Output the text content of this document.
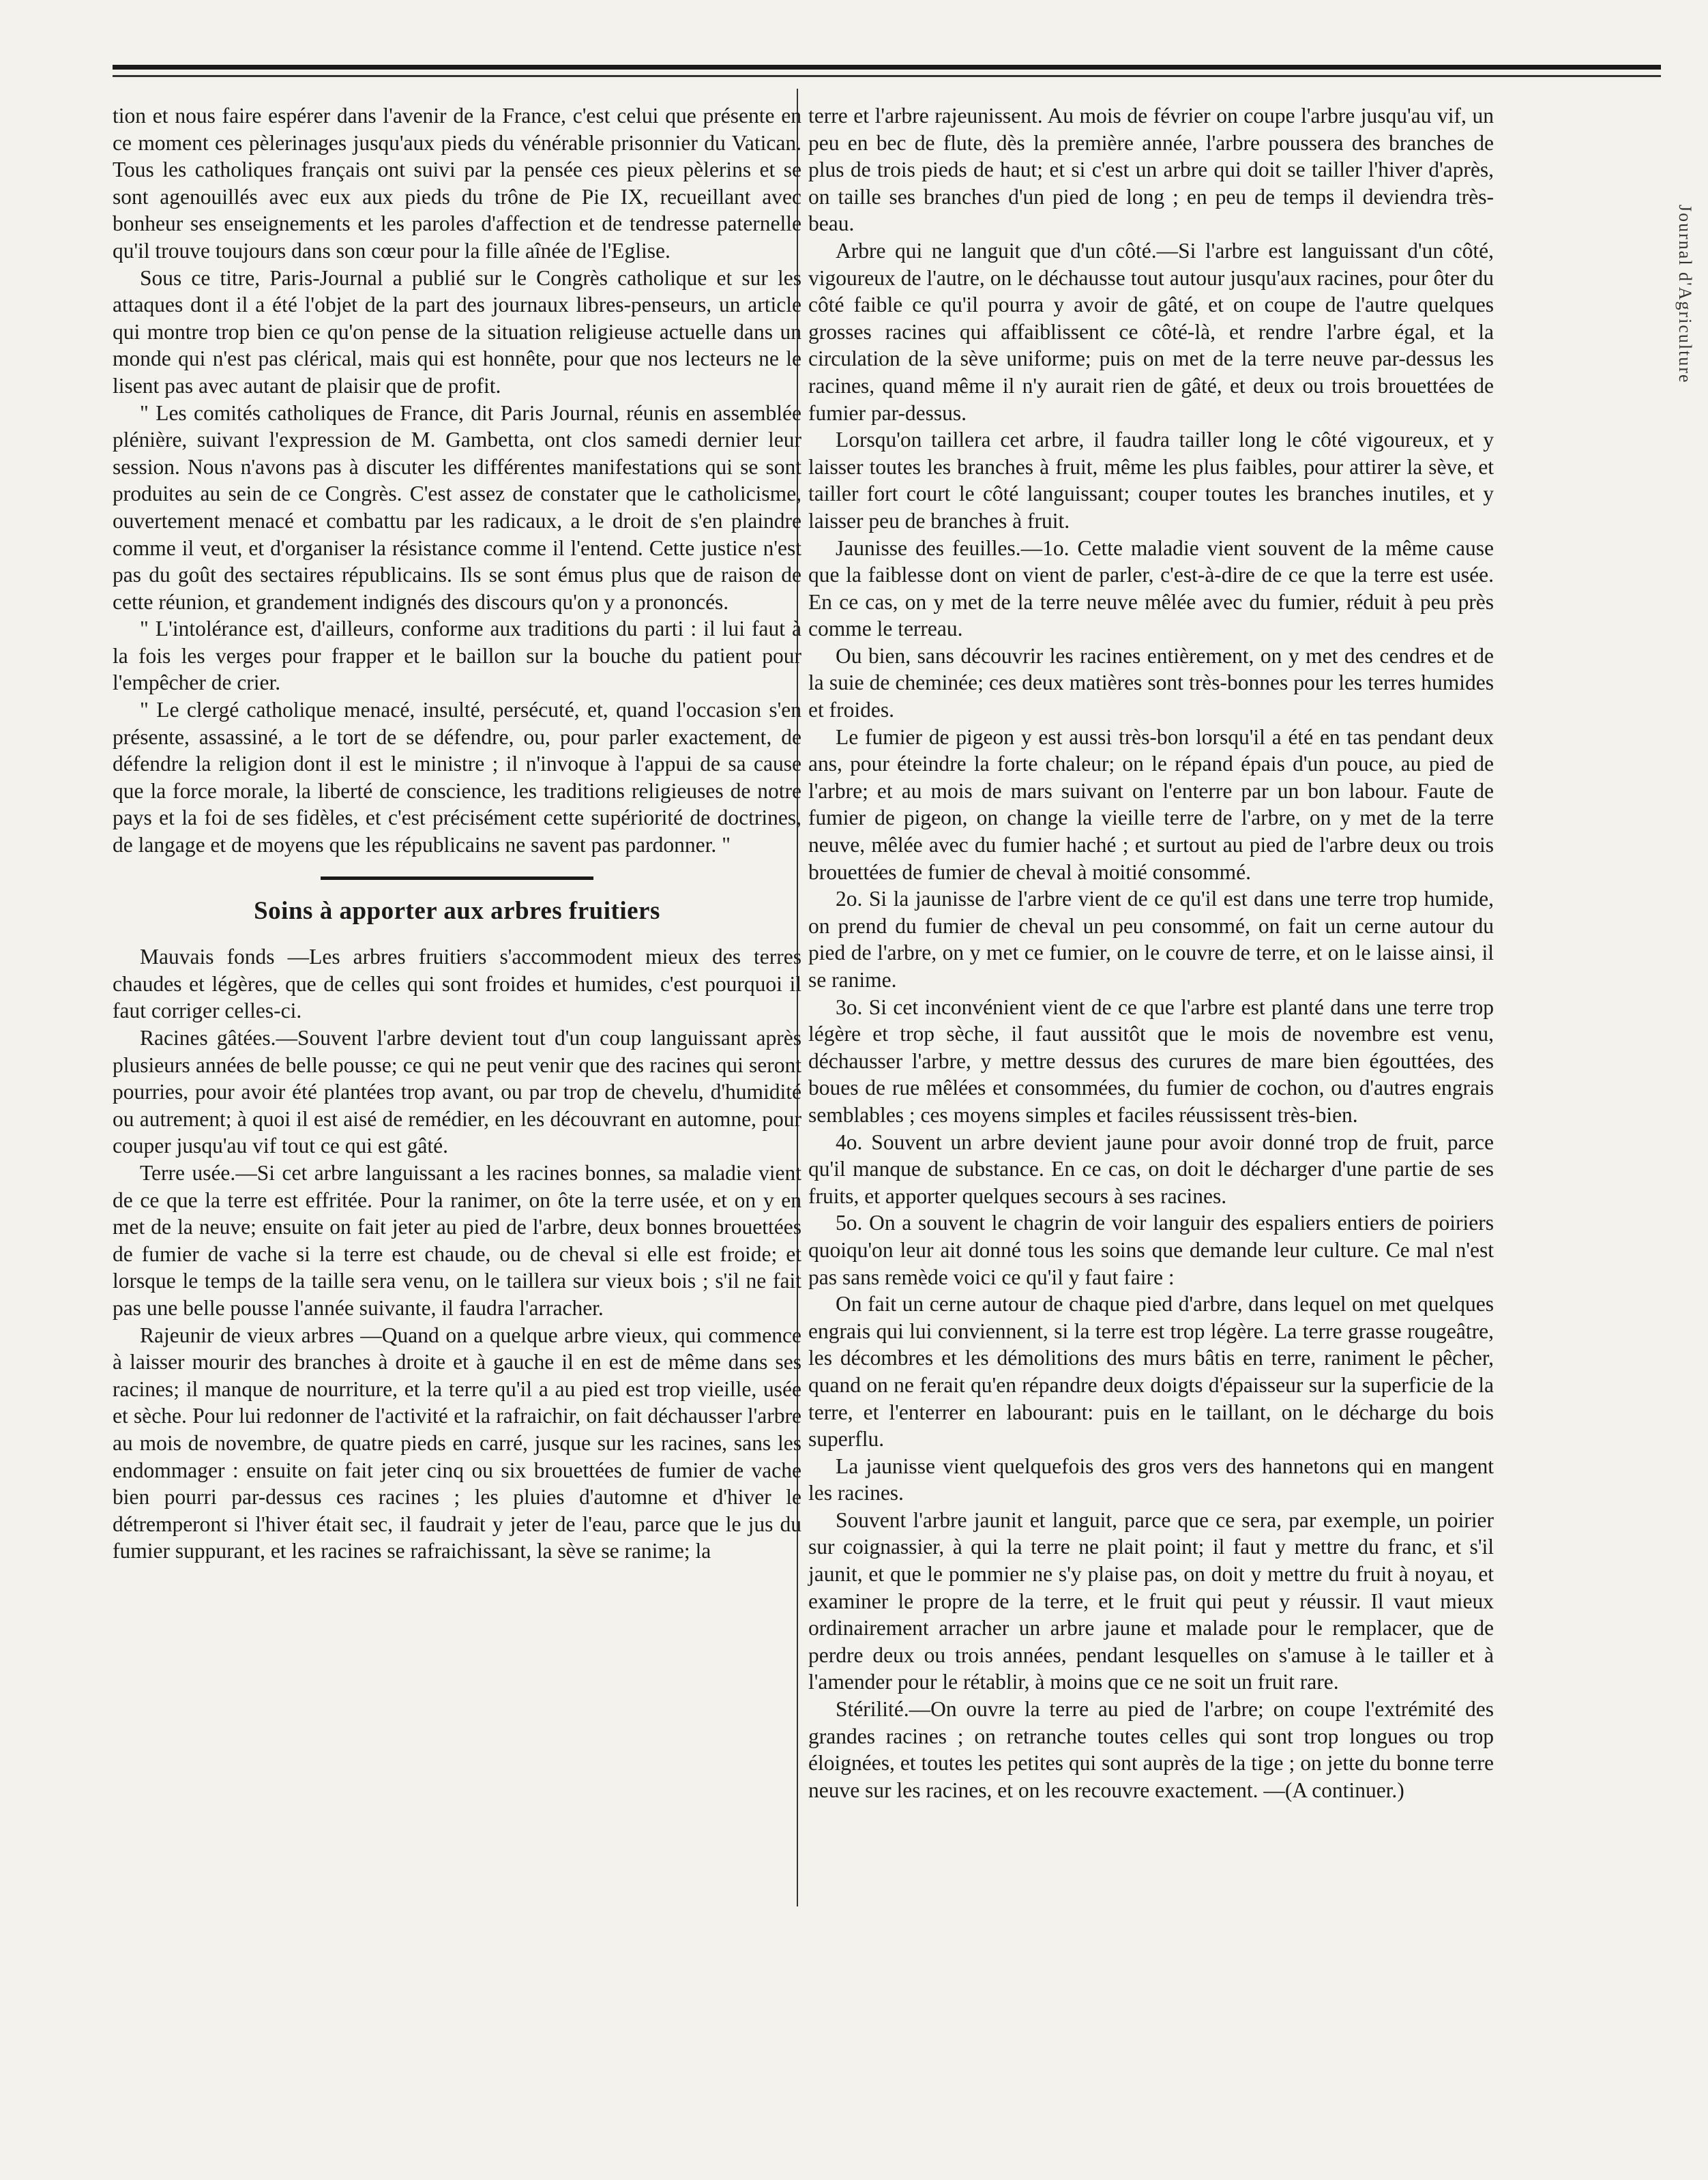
tion et nous faire espérer dans l'avenir de la France, c'est celui que présente en ce moment ces pèlerinages jusqu'aux pieds du vénérable prisonnier du Vatican. Tous les catholiques français ont suivi par la pensée ces pieux pèlerins et se sont agenouillés avec eux aux pieds du trône de Pie IX, recueillant avec bonheur ses enseignements et les paroles d'affection et de tendresse paternelle qu'il trouve toujours dans son cœur pour la fille aînée de l'Eglise.

Sous ce titre, Paris-Journal a publié sur le Congrès catholique et sur les attaques dont il a été l'objet de la part des journaux libres-penseurs, un article qui montre trop bien ce qu'on pense de la situation religieuse actuelle dans un monde qui n'est pas clérical, mais qui est honnête, pour que nos lecteurs ne le lisent pas avec autant de plaisir que de profit.

" Les comités catholiques de France, dit Paris Journal, réunis en assemblée plénière, suivant l'expression de M. Gambetta, ont clos samedi dernier leur session. Nous n'avons pas à discuter les différentes manifestations qui se sont produites au sein de ce Congrès. C'est assez de constater que le catholicisme, ouvertement menacé et combattu par les radicaux, a le droit de s'en plaindre comme il veut, et d'organiser la résistance comme il l'entend. Cette justice n'est pas du goût des sectaires républicains. Ils se sont émus plus que de raison de cette réunion, et grandement indignés des discours qu'on y a prononcés.

" L'intolérance est, d'ailleurs, conforme aux traditions du parti : il lui faut à la fois les verges pour frapper et le baillon sur la bouche du patient pour l'empêcher de crier.

" Le clergé catholique menacé, insulté, persécuté, et, quand l'occasion s'en présente, assassiné, a le tort de se défendre, ou, pour parler exactement, de défendre la religion dont il est le ministre ; il n'invoque à l'appui de sa cause que la force morale, la liberté de conscience, les traditions religieuses de notre pays et la foi de ses fidèles, et c'est précisément cette supériorité de doctrines, de langage et de moyens que les républicains ne savent pas pardonner. "

Soins à apporter aux arbres fruitiers

Mauvais fonds —Les arbres fruitiers s'accommodent mieux des terres chaudes et légères, que de celles qui sont froides et humides, c'est pourquoi il faut corriger celles-ci.

Racines gâtées.—Souvent l'arbre devient tout d'un coup languissant après plusieurs années de belle pousse; ce qui ne peut venir que des racines qui seront pourries, pour avoir été plantées trop avant, ou par trop de chevelu, d'humidité ou autrement; à quoi il est aisé de remédier, en les découvrant en automne, pour couper jusqu'au vif tout ce qui est gâté.

Terre usée.—Si cet arbre languissant a les racines bonnes, sa maladie vient de ce que la terre est effritée. Pour la ranimer, on ôte la terre usée, et on y en met de la neuve; ensuite on fait jeter au pied de l'arbre, deux bonnes brouettées de fumier de vache si la terre est chaude, ou de cheval si elle est froide; et lorsque le temps de la taille sera venu, on le taillera sur vieux bois ; s'il ne fait pas une belle pousse l'année suivante, il faudra l'arracher.

Rajeunir de vieux arbres —Quand on a quelque arbre vieux, qui commence à laisser mourir des branches à droite et à gauche il en est de même dans ses racines; il manque de nourriture, et la terre qu'il a au pied est trop vieille, usée et sèche. Pour lui redonner de l'activité et la rafraichir, on fait déchausser l'arbre au mois de novembre, de quatre pieds en carré, jusque sur les racines, sans les endommager : ensuite on fait jeter cinq ou six brouettées de fumier de vache bien pourri par-dessus ces racines ; les pluies d'automne et d'hiver le détremperont si l'hiver était sec, il faudrait y jeter de l'eau, parce que le jus du fumier suppurant, et les racines se rafraichissant, la sève se ranime; la

terre et l'arbre rajeunissent. Au mois de février on coupe l'arbre jusqu'au vif, un peu en bec de flute, dès la première année, l'arbre poussera des branches de plus de trois pieds de haut; et si c'est un arbre qui doit se tailler l'hiver d'après, on taille ses branches d'un pied de long ; en peu de temps il deviendra très-beau.

Arbre qui ne languit que d'un côté.—Si l'arbre est languissant d'un côté, vigoureux de l'autre, on le déchausse tout autour jusqu'aux racines, pour ôter du côté faible ce qu'il pourra y avoir de gâté, et on coupe de l'autre quelques grosses racines qui affaiblissent ce côté-là, et rendre l'arbre égal, et la circulation de la sève uniforme; puis on met de la terre neuve par-dessus les racines, quand même il n'y aurait rien de gâté, et deux ou trois brouettées de fumier par-dessus.

Lorsqu'on taillera cet arbre, il faudra tailler long le côté vigoureux, et y laisser toutes les branches à fruit, même les plus faibles, pour attirer la sève, et tailler fort court le côté languissant; couper toutes les branches inutiles, et y laisser peu de branches à fruit.

Jaunisse des feuilles.—1o. Cette maladie vient souvent de la même cause que la faiblesse dont on vient de parler, c'est-à-dire de ce que la terre est usée. En ce cas, on y met de la terre neuve mêlée avec du fumier, réduit à peu près comme le terreau.

Ou bien, sans découvrir les racines entièrement, on y met des cendres et de la suie de cheminée; ces deux matières sont très-bonnes pour les terres humides et froides.

Le fumier de pigeon y est aussi très-bon lorsqu'il a été en tas pendant deux ans, pour éteindre la forte chaleur; on le répand épais d'un pouce, au pied de l'arbre; et au mois de mars suivant on l'enterre par un bon labour. Faute de fumier de pigeon, on change la vieille terre de l'arbre, on y met de la terre neuve, mêlée avec du fumier haché ; et surtout au pied de l'arbre deux ou trois brouettées de fumier de cheval à moitié consommé.

2o. Si la jaunisse de l'arbre vient de ce qu'il est dans une terre trop humide, on prend du fumier de cheval un peu consommé, on fait un cerne autour du pied de l'arbre, on y met ce fumier, on le couvre de terre, et on le laisse ainsi, il se ranime.

3o. Si cet inconvénient vient de ce que l'arbre est planté dans une terre trop légère et trop sèche, il faut aussitôt que le mois de novembre est venu, déchausser l'arbre, y mettre dessus des curures de mare bien égouttées, des boues de rue mêlées et consommées, du fumier de cochon, ou d'autres engrais semblables ; ces moyens simples et faciles réussissent très-bien.

4o. Souvent un arbre devient jaune pour avoir donné trop de fruit, parce qu'il manque de substance. En ce cas, on doit le décharger d'une partie de ses fruits, et apporter quelques secours à ses racines.

5o. On a souvent le chagrin de voir languir des espaliers entiers de poiriers quoiqu'on leur ait donné tous les soins que demande leur culture. Ce mal n'est pas sans remède voici ce qu'il y faut faire :

On fait un cerne autour de chaque pied d'arbre, dans lequel on met quelques engrais qui lui conviennent, si la terre est trop légère. La terre grasse rougeâtre, les décombres et les démolitions des murs bâtis en terre, raniment le pêcher, quand on ne ferait qu'en répandre deux doigts d'épaisseur sur la superficie de la terre, et l'enterrer en labourant: puis en le taillant, on le décharge du bois superflu.

La jaunisse vient quelquefois des gros vers des hannetons qui en mangent les racines.

Souvent l'arbre jaunit et languit, parce que ce sera, par exemple, un poirier sur coignassier, à qui la terre ne plait point; il faut y mettre du franc, et s'il jaunit, et que le pommier ne s'y plaise pas, on doit y mettre du fruit à noyau, et examiner le propre de la terre, et le fruit qui peut y réussir. Il vaut mieux ordinairement arracher un arbre jaune et malade pour le remplacer, que de perdre deux ou trois années, pendant lesquelles on s'amuse à le tailler et à l'amender pour le rétablir, à moins que ce ne soit un fruit rare.

Stérilité.—On ouvre la terre au pied de l'arbre; on coupe l'extrémité des grandes racines ; on retranche toutes celles qui sont trop longues ou trop éloignées, et toutes les petites qui sont auprès de la tige ; on jette du bonne terre neuve sur les racines, et on les recouvre exactement. —(A continuer.)

Journal d'Agriculture
